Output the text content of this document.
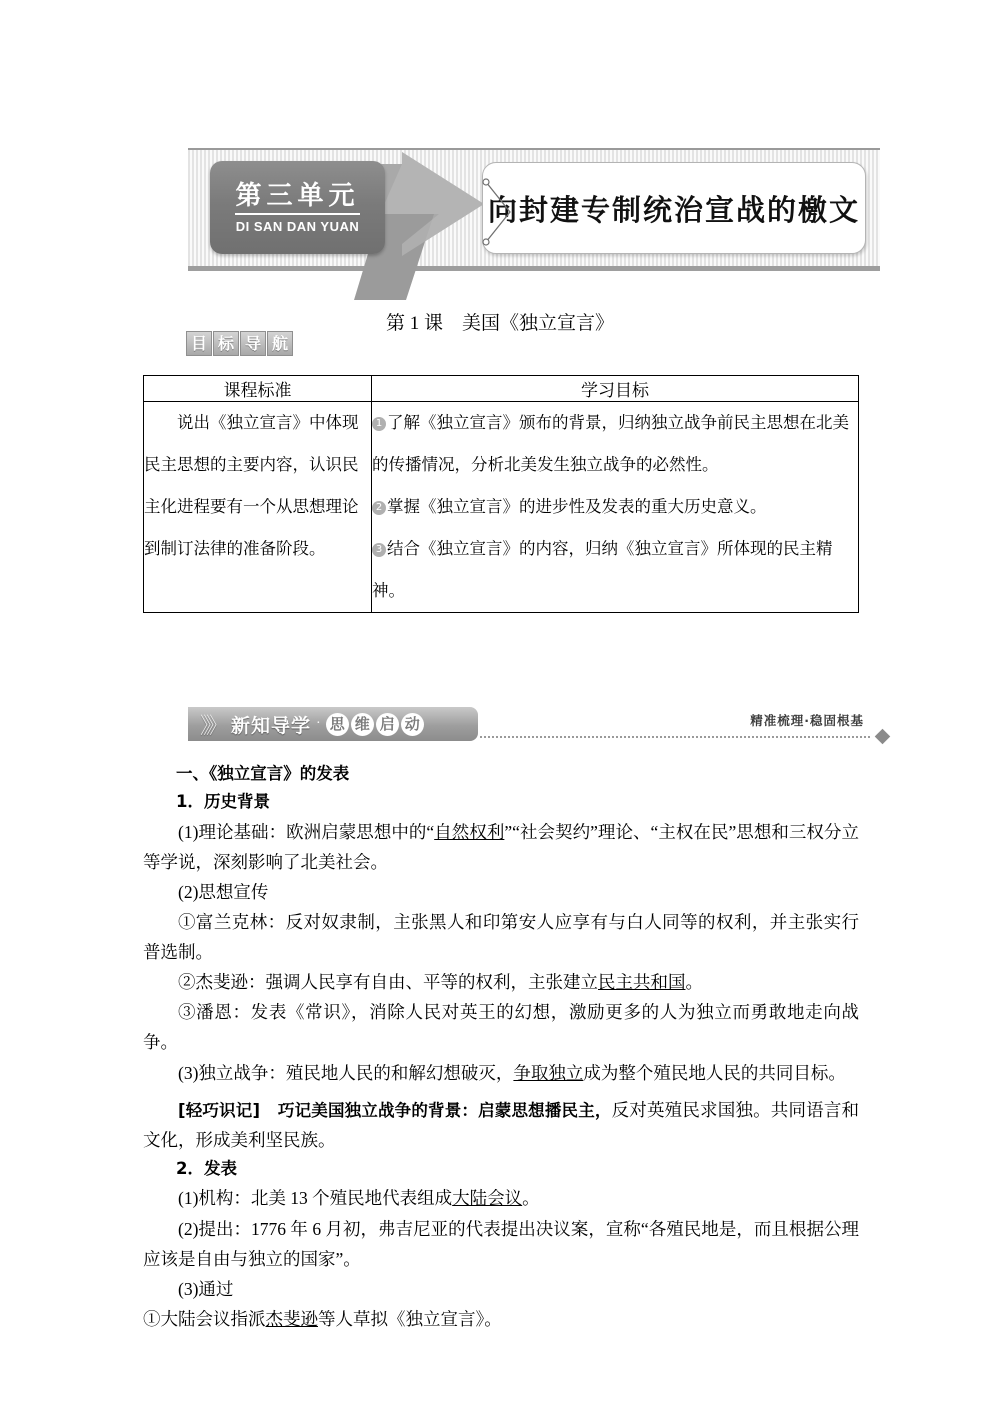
第三单元
DI SAN DAN YUAN	向封建专制统治宣战的檄文
第 1 课　美国《独立宣言》
目 标 导 航
课程标准	学习目标
说出《独立宣言》中体现民主思想的主要内容，认识民主化进程要有一个从思想理论到制订法律的准备阶段。	1 了解《独立宣言》颁布的背景，归纳独立战争前民主思想在北美的传播情况，分析北美发生独立战争的必然性。
2 掌握《独立宣言》的进步性及发表的重大历史意义。
3 结合《独立宣言》的内容，归纳《独立宣言》所体现的民主精神。
》》 新知导学 · 思 维 启 动	精准梳理·稳固根基

一、《独立宣言》的发表

1．历史背景

(1)理论基础：欧洲启蒙思想中的“自然权利”“社会契约”理论、“主权在民”思想和三权分立等学说，深刻影响了北美社会。

(2)思想宣传

①富兰克林：反对奴隶制，主张黑人和印第安人应享有与白人同等的权利，并主张实行普选制。

②杰斐逊：强调人民享有自由、平等的权利，主张建立民主共和国。

③潘恩：发表《常识》，消除人民对英王的幻想，激励更多的人为独立而勇敢地走向战争。

(3)独立战争：殖民地人民的和解幻想破灭，争取独立成为整个殖民地人民的共同目标。

[轻巧识记]　 巧记美国独立战争的背景：启蒙思想播民主，反对英殖民求国独。共同语言和文化，形成美利坚民族。

2．发表

(1)机构：北美 13 个殖民地代表组成大陆会议。

(2)提出：1776 年 6 月初，弗吉尼亚的代表提出决议案，宣称“各殖民地是，而且根据公理应该是自由与独立的国家”。

(3)通过

①大陆会议指派杰斐逊等人草拟《独立宣言》。
